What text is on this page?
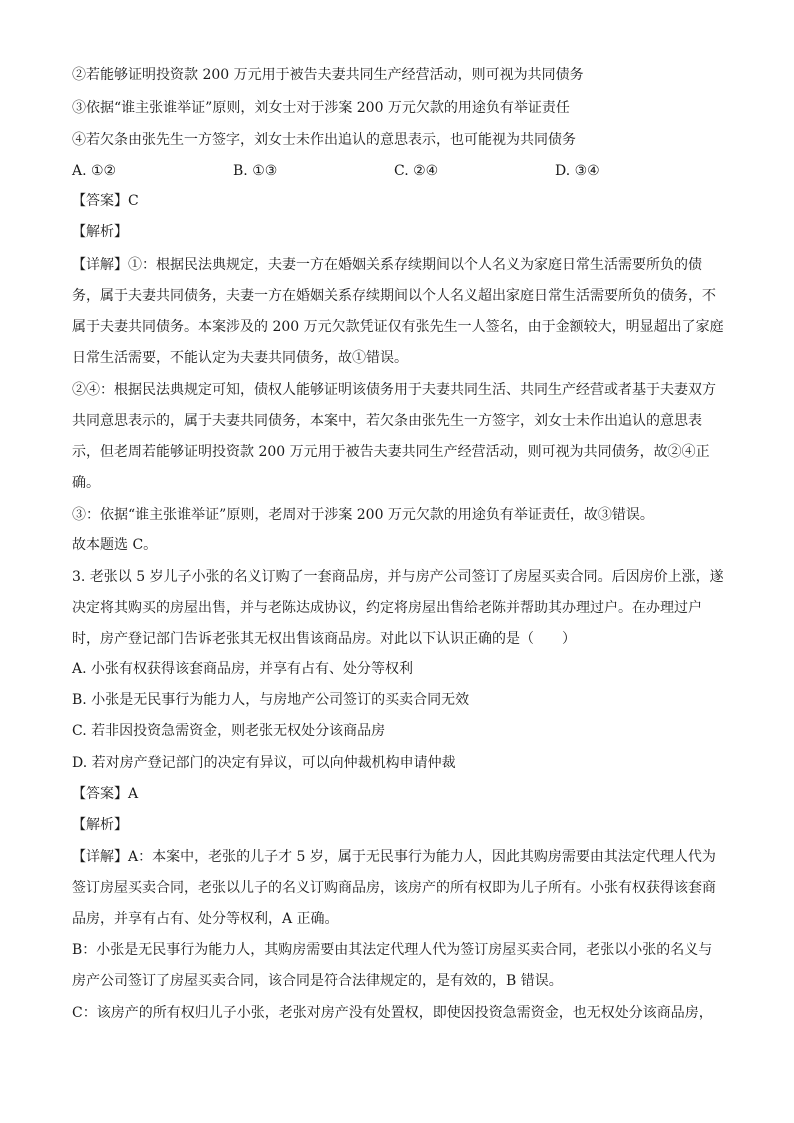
②若能够证明投资款 200 万元用于被告夫妻共同生产经营活动，则可视为共同债务
③依据“谁主张谁举证”原则，刘女士对于涉案 200 万元欠款的用途负有举证责任
④若欠条由张先生一方签字，刘女士未作出追认的意思表示，也可能视为共同债务
A. ①②	B. ①③	C. ②④	D. ③④
【答案】C
【解析】
【详解】①：根据民法典规定，夫妻一方在婚姻关系存续期间以个人名义为家庭日常生活需要所负的债
务，属于夫妻共同债务，夫妻一方在婚姻关系存续期间以个人名义超出家庭日常生活需要所负的债务，不
属于夫妻共同债务。本案涉及的 200 万元欠款凭证仅有张先生一人签名，由于金额较大，明显超出了家庭
日常生活需要，不能认定为夫妻共同债务，故①错误。
②④：根据民法典规定可知，债权人能够证明该债务用于夫妻共同生活、共同生产经营或者基于夫妻双方
共同意思表示的，属于夫妻共同债务，本案中，若欠条由张先生一方签字，刘女士未作出追认的意思表
示，但老周若能够证明投资款 200 万元用于被告夫妻共同生产经营活动，则可视为共同债务，故②④正
确。
③：依据“谁主张谁举证”原则，老周对于涉案 200 万元欠款的用途负有举证责任，故③错误。
故本题选 C。
3. 老张以 5 岁儿子小张的名义订购了一套商品房，并与房产公司签订了房屋买卖合同。后因房价上涨，遂
决定将其购买的房屋出售，并与老陈达成协议，约定将房屋出售给老陈并帮助其办理过户。在办理过户
时，房产登记部门告诉老张其无权出售该商品房。对此以下认识正确的是（　　）
A. 小张有权获得该套商品房，并享有占有、处分等权利
B. 小张是无民事行为能力人，与房地产公司签订的买卖合同无效
C. 若非因投资急需资金，则老张无权处分该商品房
D. 若对房产登记部门的决定有异议，可以向仲裁机构申请仲裁
【答案】A
【解析】
【详解】A：本案中，老张的儿子才 5 岁，属于无民事行为能力人，因此其购房需要由其法定代理人代为
签订房屋买卖合同，老张以儿子的名义订购商品房，该房产的所有权即为儿子所有。小张有权获得该套商
品房，并享有占有、处分等权利，A 正确。
B：小张是无民事行为能力人，其购房需要由其法定代理人代为签订房屋买卖合同，老张以小张的名义与
房产公司签订了房屋买卖合同，该合同是符合法律规定的，是有效的，B 错误。
C：该房产的所有权归儿子小张，老张对房产没有处置权，即使因投资急需资金，也无权处分该商品房，
